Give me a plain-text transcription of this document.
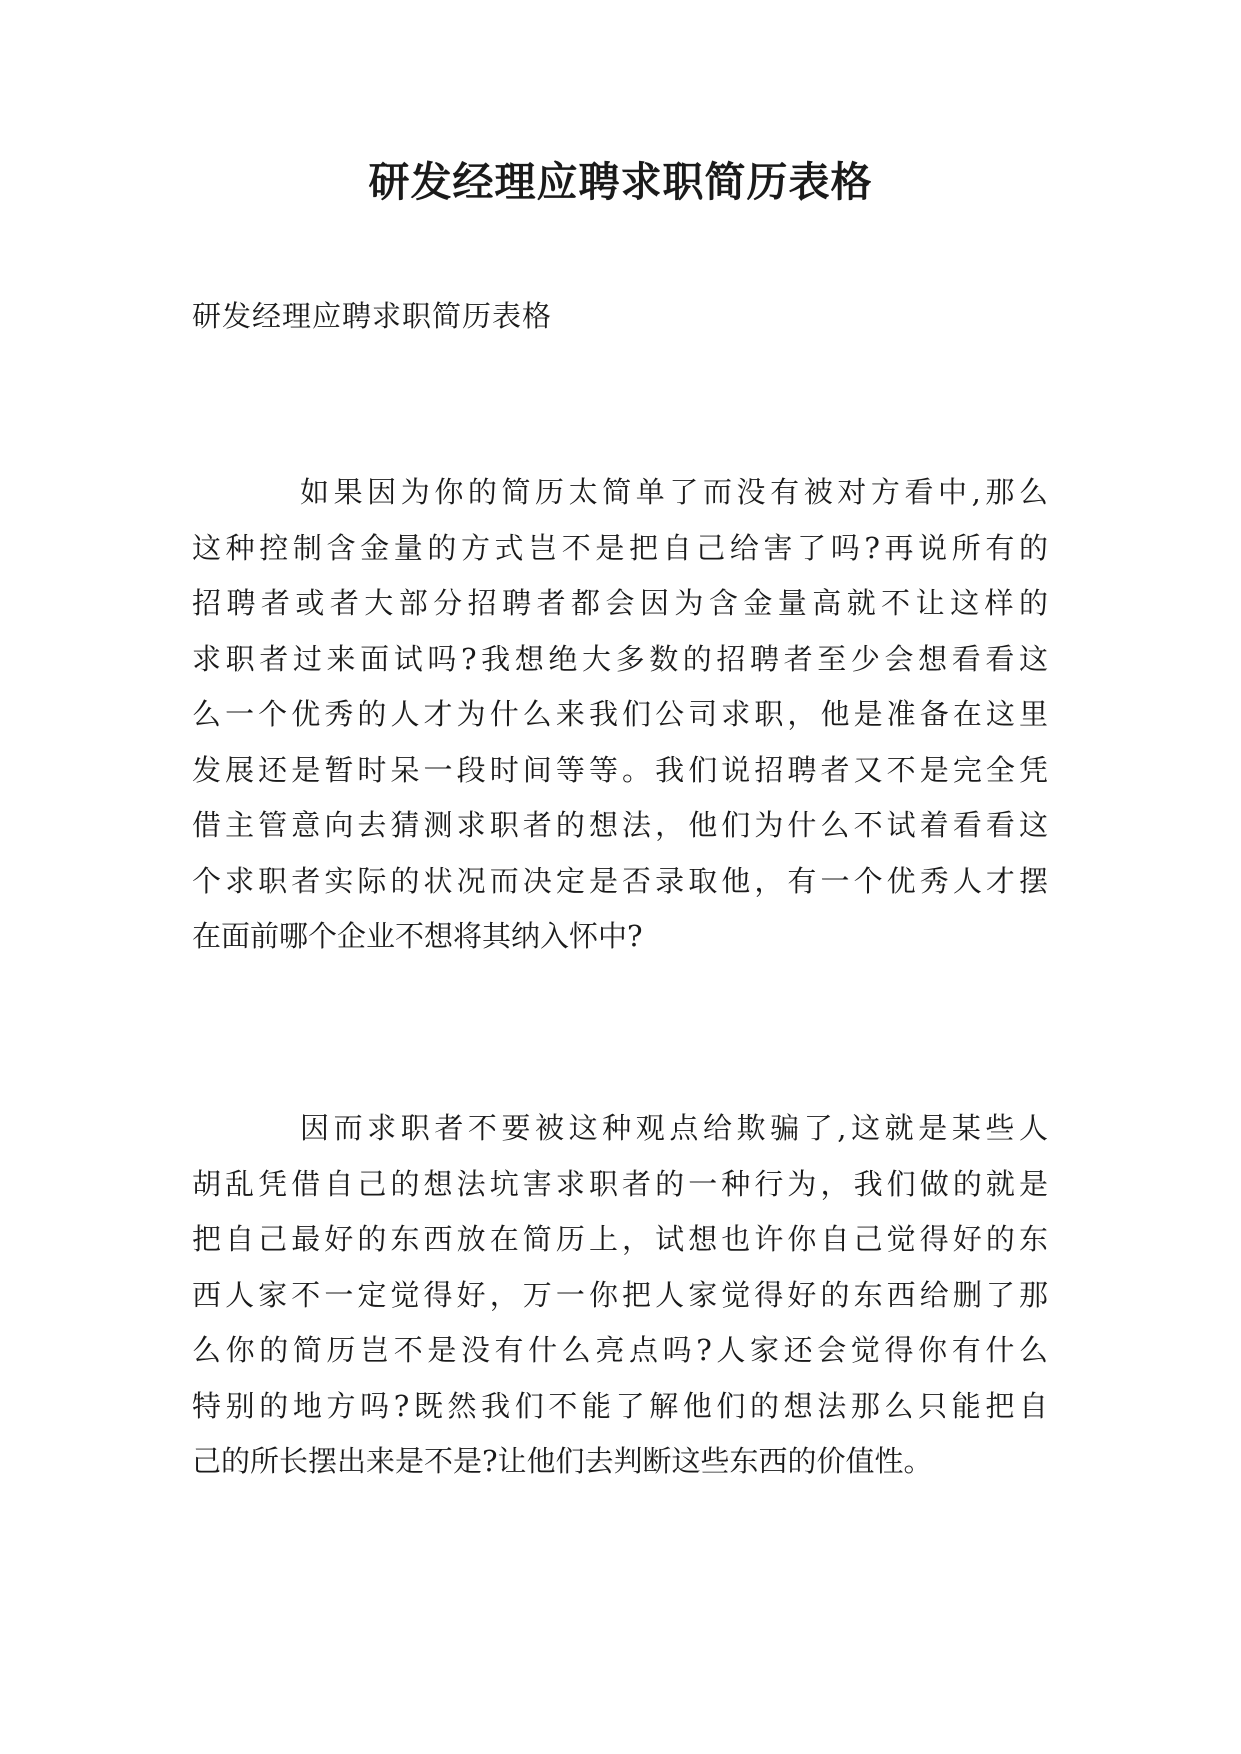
研发经理应聘求职简历表格

研发经理应聘求职简历表格

如果因为你的简历太简单了而没有被对方看中,那么
这种控制含金量的方式岂不是把自己给害了吗?再说所有的
招聘者或者大部分招聘者都会因为含金量高就不让这样的
求职者过来面试吗?我想绝大多数的招聘者至少会想看看这
么一个优秀的人才为什么来我们公司求职，他是准备在这里
发展还是暂时呆一段时间等等。我们说招聘者又不是完全凭
借主管意向去猜测求职者的想法，他们为什么不试着看看这
个求职者实际的状况而决定是否录取他，有一个优秀人才摆
在面前哪个企业不想将其纳入怀中?
因而求职者不要被这种观点给欺骗了,这就是某些人
胡乱凭借自己的想法坑害求职者的一种行为，我们做的就是
把自己最好的东西放在简历上，试想也许你自己觉得好的东
西人家不一定觉得好，万一你把人家觉得好的东西给删了那
么你的简历岂不是没有什么亮点吗?人家还会觉得你有什么
特别的地方吗?既然我们不能了解他们的想法那么只能把自
己的所长摆出来是不是?让他们去判断这些东西的价值性。
